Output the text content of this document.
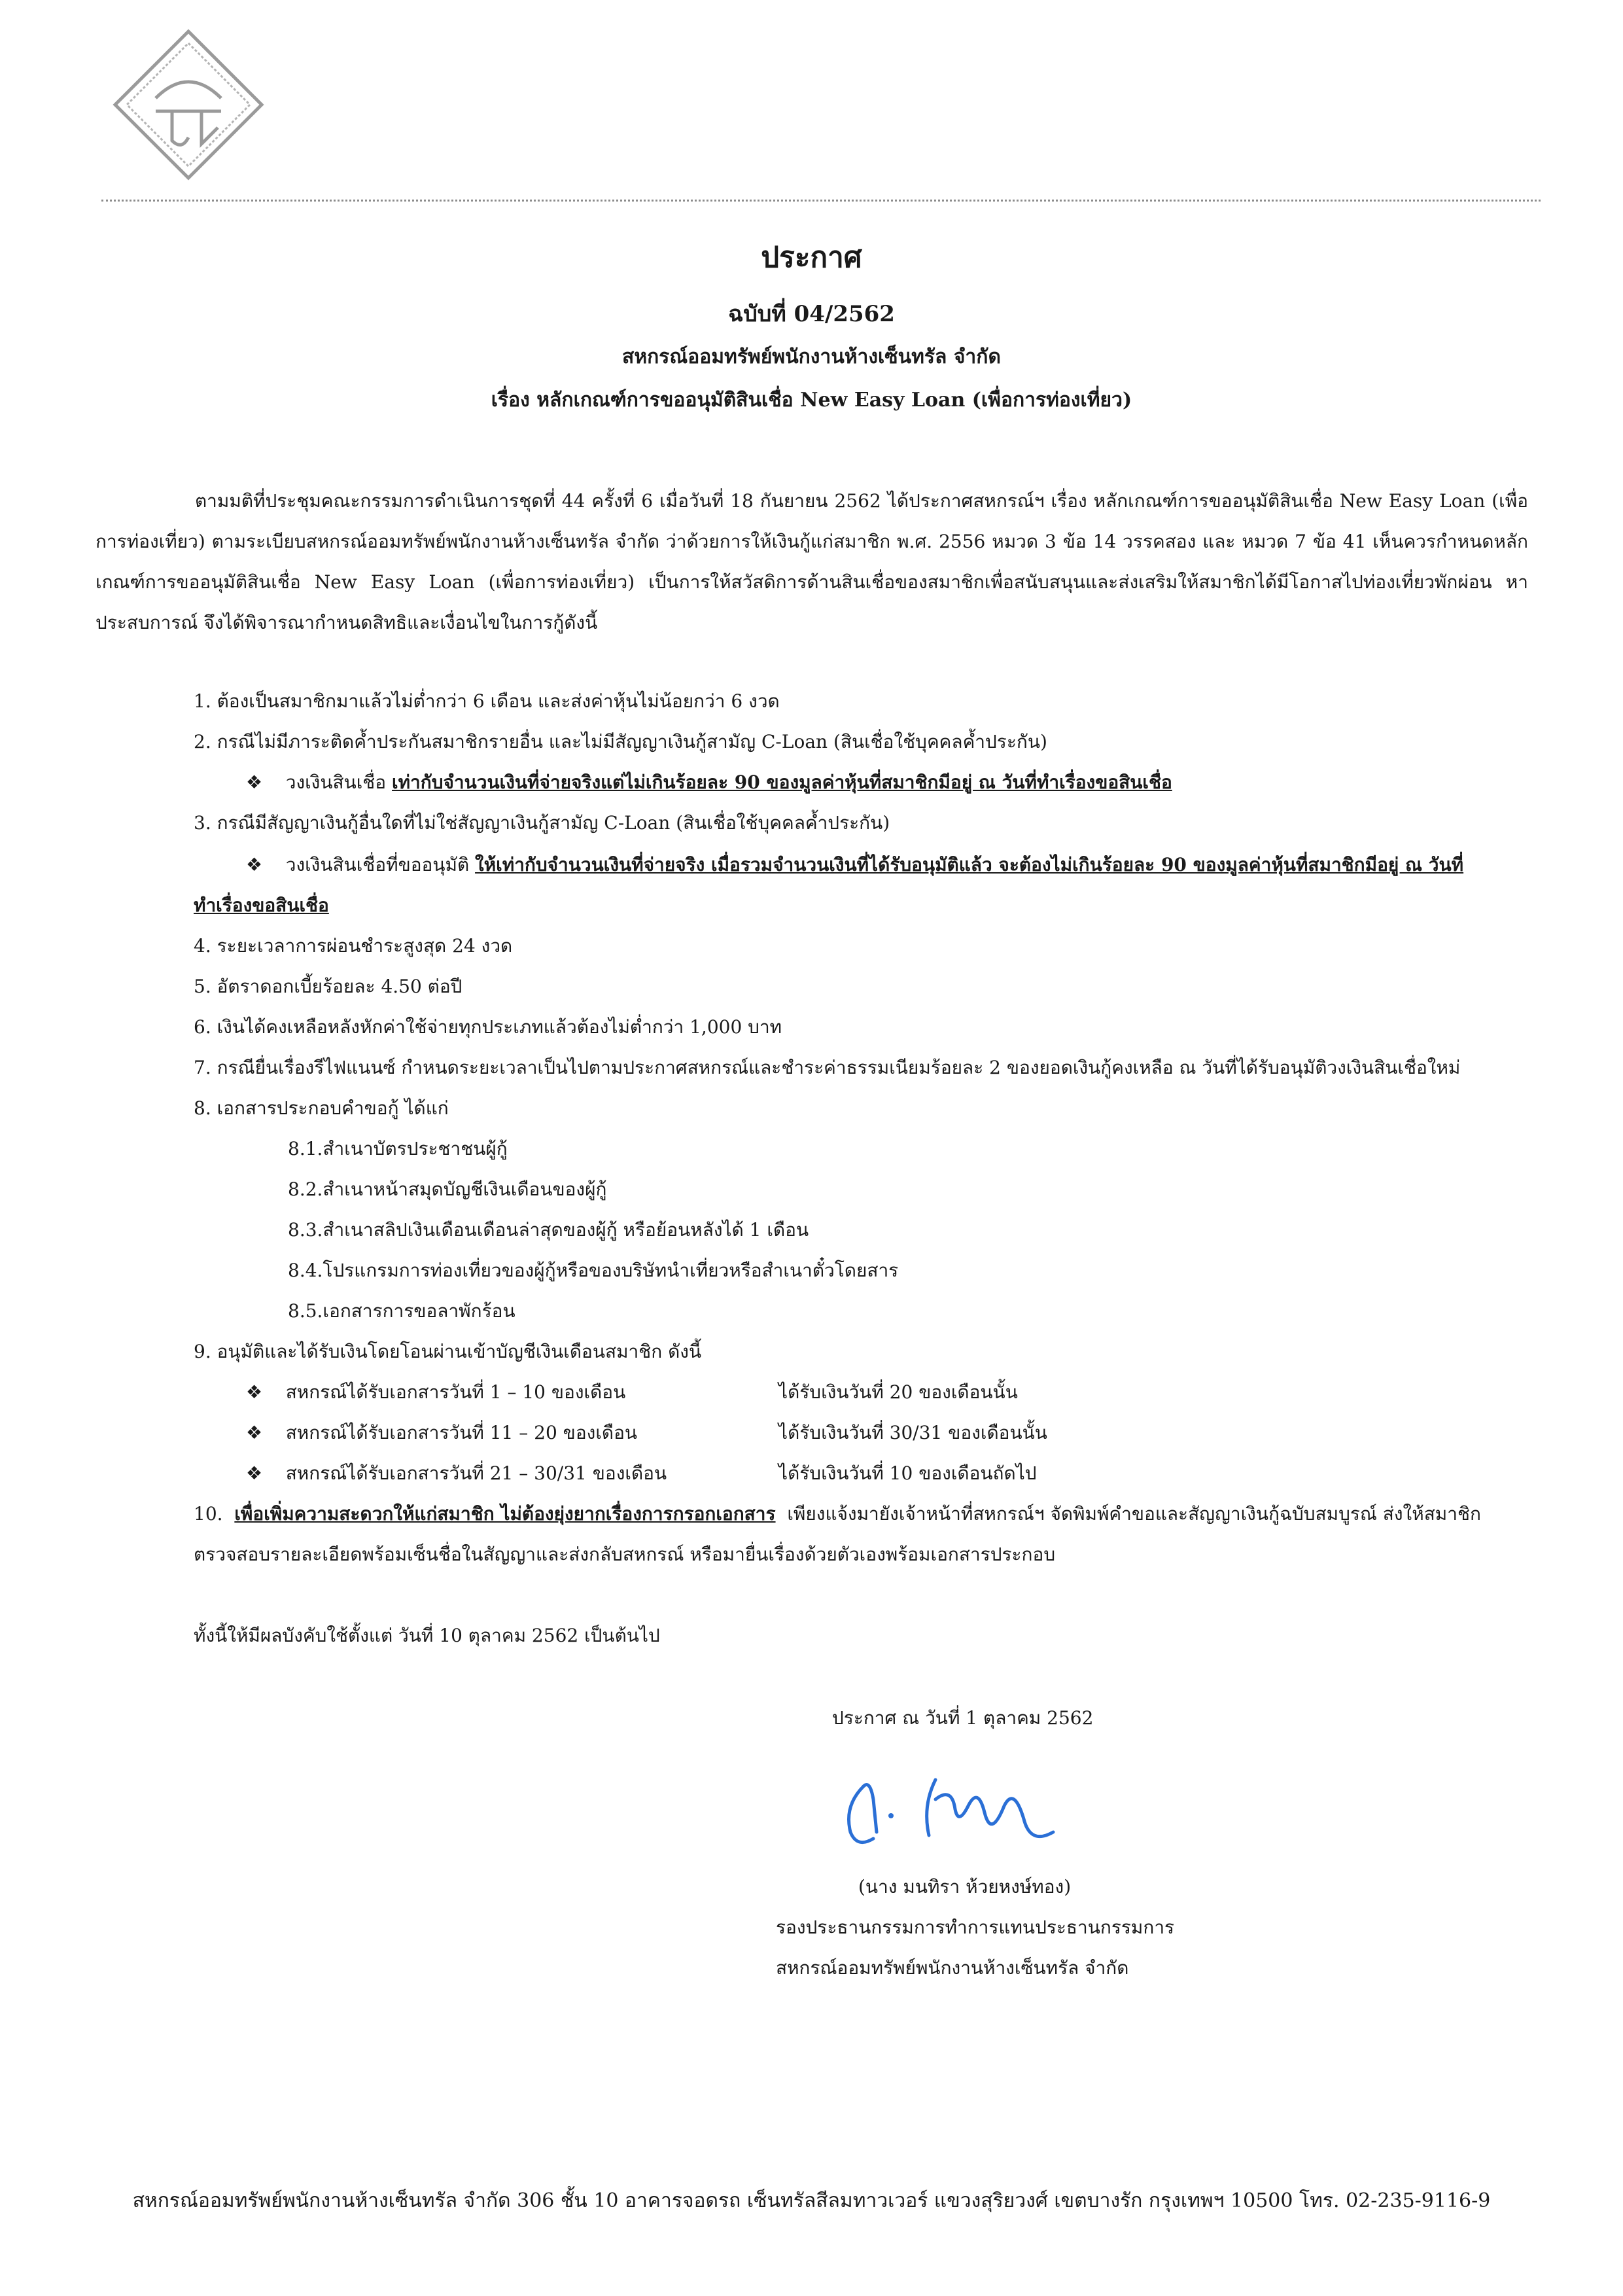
ประกาศ
ฉบับที่ 04/2562
สหกรณ์ออมทรัพย์พนักงานห้างเซ็นทรัล จำกัด
เรื่อง หลักเกณฑ์การขออนุมัติสินเชื่อ New Easy Loan (เพื่อการท่องเที่ยว)
ตามมติที่ประชุมคณะกรรมการดำเนินการชุดที่ 44 ครั้งที่ 6 เมื่อวันที่ 18 กันยายน 2562 ได้ประกาศสหกรณ์ฯ เรื่อง หลักเกณฑ์การขออนุมัติสินเชื่อ New Easy Loan (เพื่อการท่องเที่ยว) ตามระเบียบสหกรณ์ออมทรัพย์พนักงานห้างเซ็นทรัล จำกัด ว่าด้วยการให้เงินกู้แก่สมาชิก พ.ศ. 2556 หมวด 3 ข้อ 14 วรรคสอง และ หมวด 7 ข้อ 41 เห็นควรกำหนดหลักเกณฑ์การขออนุมัติสินเชื่อ New Easy Loan (เพื่อการท่องเที่ยว) เป็นการให้สวัสดิการด้านสินเชื่อของสมาชิกเพื่อสนับสนุนและส่งเสริมให้สมาชิกได้มีโอกาสไปท่องเที่ยวพักผ่อน หาประสบการณ์ จึงได้พิจารณากำหนดสิทธิและเงื่อนไขในการกู้ดังนี้
1. ต้องเป็นสมาชิกมาแล้วไม่ต่ำกว่า 6 เดือน และส่งค่าหุ้นไม่น้อยกว่า 6 งวด
2. กรณีไม่มีภาระติดค้ำประกันสมาชิกรายอื่น และไม่มีสัญญาเงินกู้สามัญ C-Loan (สินเชื่อใช้บุคคลค้ำประกัน)
❖ วงเงินสินเชื่อ เท่ากับจำนวนเงินที่จ่ายจริงแต่ไม่เกินร้อยละ 90 ของมูลค่าหุ้นที่สมาชิกมีอยู่ ณ วันที่ทำเรื่องขอสินเชื่อ
3. กรณีมีสัญญาเงินกู้อื่นใดที่ไม่ใช่สัญญาเงินกู้สามัญ C-Loan (สินเชื่อใช้บุคคลค้ำประกัน)
❖ วงเงินสินเชื่อที่ขออนุมัติ ให้เท่ากับจำนวนเงินที่จ่ายจริง เมื่อรวมจำนวนเงินที่ได้รับอนุมัติแล้ว จะต้องไม่เกินร้อยละ 90 ของมูลค่าหุ้นที่สมาชิกมีอยู่ ณ วันที่
ทำเรื่องขอสินเชื่อ
4. ระยะเวลาการผ่อนชำระสูงสุด 24 งวด
5. อัตราดอกเบี้ยร้อยละ 4.50 ต่อปี
6. เงินได้คงเหลือหลังหักค่าใช้จ่ายทุกประเภทแล้วต้องไม่ต่ำกว่า 1,000 บาท
7. กรณียื่นเรื่องรีไฟแนนซ์ กำหนดระยะเวลาเป็นไปตามประกาศสหกรณ์และชำระค่าธรรมเนียมร้อยละ 2 ของยอดเงินกู้คงเหลือ ณ วันที่ได้รับอนุมัติวงเงินสินเชื่อใหม่
8. เอกสารประกอบคำขอกู้ ได้แก่
8.1.สำเนาบัตรประชาชนผู้กู้
8.2.สำเนาหน้าสมุดบัญชีเงินเดือนของผู้กู้
8.3.สำเนาสลิปเงินเดือนเดือนล่าสุดของผู้กู้ หรือย้อนหลังได้ 1 เดือน
8.4.โปรแกรมการท่องเที่ยวของผู้กู้หรือของบริษัทนำเที่ยวหรือสำเนาตั๋วโดยสาร
8.5.เอกสารการขอลาพักร้อน
9. อนุมัติและได้รับเงินโดยโอนผ่านเข้าบัญชีเงินเดือนสมาชิก ดังนี้
❖ สหกรณ์ได้รับเอกสารวันที่ 1 – 10 ของเดือน	ได้รับเงินวันที่ 20 ของเดือนนั้น
❖ สหกรณ์ได้รับเอกสารวันที่ 11 – 20 ของเดือน	ได้รับเงินวันที่ 30/31 ของเดือนนั้น
❖ สหกรณ์ได้รับเอกสารวันที่ 21 – 30/31 ของเดือน	ได้รับเงินวันที่ 10 ของเดือนถัดไป
10. เพื่อเพิ่มความสะดวกให้แก่สมาชิก ไม่ต้องยุ่งยากเรื่องการกรอกเอกสาร เพียงแจ้งมายังเจ้าหน้าที่สหกรณ์ฯ จัดพิมพ์คำขอและสัญญาเงินกู้ฉบับสมบูรณ์ ส่งให้สมาชิก
ตรวจสอบรายละเอียดพร้อมเซ็นชื่อในสัญญาและส่งกลับสหกรณ์ หรือมายื่นเรื่องด้วยตัวเองพร้อมเอกสารประกอบ
ทั้งนี้ให้มีผลบังคับใช้ตั้งแต่ วันที่ 10 ตุลาคม 2562 เป็นต้นไป
ประกาศ ณ วันที่ 1 ตุลาคม 2562
(นาง มนทิรา ห้วยหงษ์ทอง)
รองประธานกรรมการทำการแทนประธานกรรมการ
สหกรณ์ออมทรัพย์พนักงานห้างเซ็นทรัล จำกัด
สหกรณ์ออมทรัพย์พนักงานห้างเซ็นทรัล จำกัด 306 ชั้น 10 อาคารจอดรถ เซ็นทรัลสีลมทาวเวอร์ แขวงสุริยวงศ์ เขตบางรัก กรุงเทพฯ 10500 โทร. 02-235-9116-9
